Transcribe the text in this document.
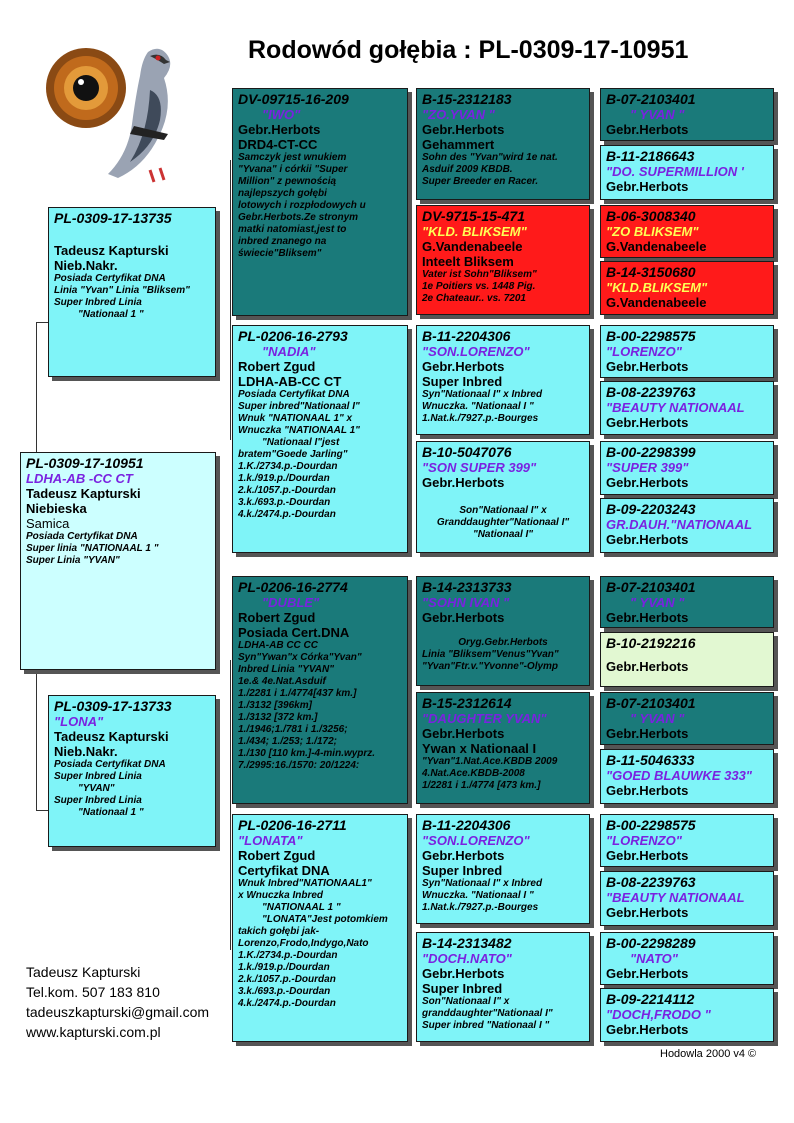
Rodowód gołębia : PL-0309-17-10951
PL-0309-17-10951
LDHA-AB -CC CT
Tadeusz Kapturski
Niebieska
Samica
Posiada Certyfikat DNA
Super linia "NATIONAAL 1 "
Super Linia "YVAN"
PL-0309-17-13735
Tadeusz Kapturski
Nieb.Nakr.
Posiada Certyfikat DNA
Linia "Yvan" Linia "Bliksem"
Super Inbred Linia
"Nationaal 1 "
PL-0309-17-13733
"LONA"
Tadeusz Kapturski
Nieb.Nakr.
Posiada Certyfikat DNA
Super Inbred Linia
"YVAN"
Super Inbred Linia
"Nationaal 1 "
DV-09715-16-209
"IWO"
Gebr.Herbots
DRD4-CT-CC
Samczyk jest wnukiem
"Yvana" i córkii "Super
Million" z pewnością
najlepszych gołębi
lotowych i rozpłodowych u
Gebr.Herbots.Ze stronym
matki natomiast,jest to
inbred znanego na
świecie"Bliksem"
PL-0206-16-2793
"NADIA"
Robert Zgud
LDHA-AB-CC CT
Posiada Certyfikat DNA
Super inbred"Nationaal I"
Wnuk "NATIONAAL 1" x
Wnuczka "NATIONAAL 1"
"Nationaal I"jest
bratem"Goede Jarling"
1.K./2734.p.-Dourdan
1.k./919.p./Dourdan
2.k./1057.p.-Dourdan
3.k./693.p.-Dourdan
4.k./2474.p.-Dourdan
PL-0206-16-2774
"DUBLE"
Robert Zgud
Posiada Cert.DNA
LDHA-AB CC CC
Syn"Ywan"x Córka"Yvan"
Inbred Linia "YVAN"
1e.& 4e.Nat.Asduif
1./2281 i 1./4774[437 km.]
1./3132 [396km]
1./3132 [372 km.]
1./1946;1./781 i 1./3256;
1./434; 1./253; 1./172;
1./130 [110 km.]-4-min.wyprz.
7./2995:16./1570: 20/1224:
PL-0206-16-2711
"LONATA"
Robert Zgud
Certyfikat DNA
Wnuk Inbred"NATIONAAL1"
x Wnuczka Inbred
"NATIONAAL 1 "
"LONATA"Jest potomkiem
takich gołębi jak-
Lorenzo,Frodo,Indygo,Nato
1.K./2734.p.-Dourdan
1.k./919.p./Dourdan
2.k./1057.p.-Dourdan
3.k./693.p.-Dourdan
4.k./2474.p.-Dourdan
B-15-2312183
"ZO.YVAN "
Gebr.Herbots
Gehammert
Sohn des "Yvan"wird 1e nat.
Asduif 2009 KBDB.
Super Breeder en Racer.
DV-9715-15-471
"KLD. BLIKSEM"
G.Vandenabeele
Inteelt Bliksem
Vater ist Sohn"Bliksem"
1e Poitiers vs. 1448 Pig.
2e Chateaur.. vs. 7201
B-11-2204306
"SON.LORENZO"
Gebr.Herbots
Super Inbred
Syn"Nationaal I" x Inbred
Wnuczka. "Nationaal I "
1.Nat.k./7927.p.-Bourges
B-10-5047076
"SON SUPER 399"
Gebr.Herbots
Son"Nationaal I" x
Granddaughter"Nationaal I"
"Nationaal I"
B-14-2313733
"SOHN IVAN "
Gebr.Herbots
Oryg.Gebr.Herbots
Linia "Bliksem"Venus"Yvan"
"Yvan"Ftr.v."Yvonne"-Olymp
B-15-2312614
"DAUGHTER YVAN"
Gebr.Herbots
Ywan x Nationaal I
"Yvan"1.Nat.Ace.KBDB 2009
4.Nat.Ace.KBDB-2008
1/2281 i 1./4774 [473 km.]
B-11-2204306
"SON.LORENZO"
Gebr.Herbots
Super Inbred
Syn"Nationaal I" x Inbred
Wnuczka. "Nationaal I "
1.Nat.k./7927.p.-Bourges
B-14-2313482
"DOCH.NATO"
Gebr.Herbots
Super Inbred
Son"Nationaal I" x
granddaughter"Nationaal I"
Super inbred "Nationaal I "
B-07-2103401
" YVAN "
Gebr.Herbots
B-11-2186643
"DO. SUPERMILLION '
Gebr.Herbots
B-06-3008340
"ZO BLIKSEM"
G.Vandenabeele
B-14-3150680
"KLD.BLIKSEM"
G.Vandenabeele
B-00-2298575
"LORENZO"
Gebr.Herbots
B-08-2239763
"BEAUTY NATIONAAL
Gebr.Herbots
B-00-2298399
"SUPER 399"
Gebr.Herbots
B-09-2203243
GR.DAUH."NATIONAAL
Gebr.Herbots
B-07-2103401
" YVAN "
Gebr.Herbots
B-10-2192216
Gebr.Herbots
B-07-2103401
" YVAN "
Gebr.Herbots
B-11-5046333
"GOED BLAUWKE 333"
Gebr.Herbots
B-00-2298575
"LORENZO"
Gebr.Herbots
B-08-2239763
"BEAUTY NATIONAAL
Gebr.Herbots
B-00-2298289
"NATO"
Gebr.Herbots
B-09-2214112
"DOCH,FRODO "
Gebr.Herbots
Tadeusz Kapturski
Tel.kom. 507 183 810
tadeuszkapturski@gmail.com
www.kapturski.com.pl
Hodowla 2000 v4 ©
